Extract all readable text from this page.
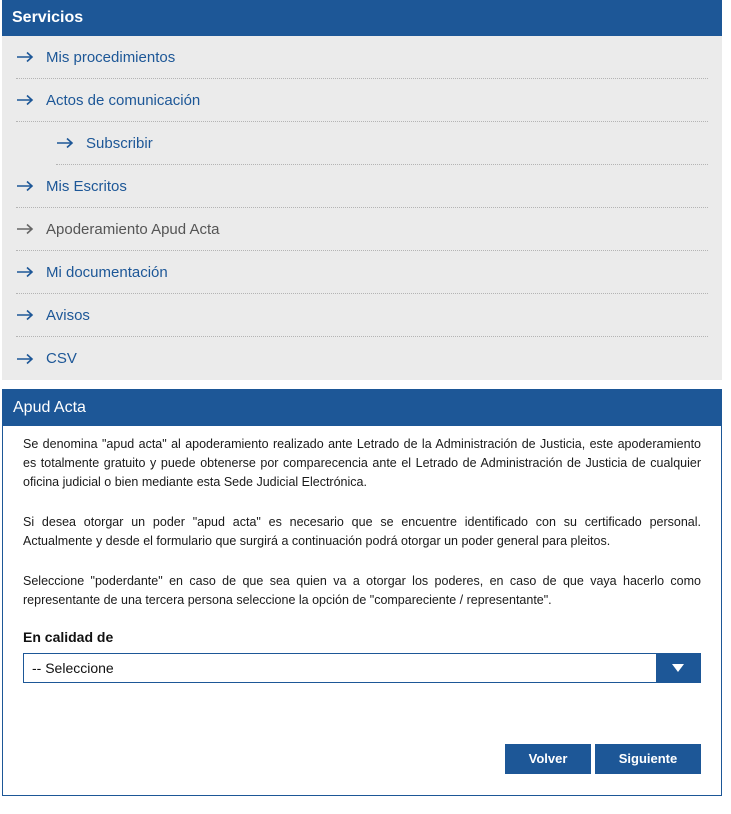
Servicios
Mis procedimientos
Actos de comunicación
Subscribir
Mis Escritos
Apoderamiento Apud Acta
Mi documentación
Avisos
CSV
Apud Acta

Se denomina "apud acta" al apoderamiento realizado ante Letrado de la Administración de Justicia, este apoderamiento es totalmente gratuito y puede obtenerse por comparecencia ante el Letrado de Administración de Justicia de cualquier oficina judicial o bien mediante esta Sede Judicial Electrónica.

Si desea otorgar un poder "apud acta" es necesario que se encuentre identificado con su certificado personal. Actualmente y desde el formulario que surgirá a continuación podrá otorgar un poder general para pleitos.

Seleccione "poderdante" en caso de que sea quien va a otorgar los poderes, en caso de que vaya hacerlo como representante de una tercera persona seleccione la opción de "compareciente / representante".

En calidad de
-- Seleccione
Volver	Siguiente
